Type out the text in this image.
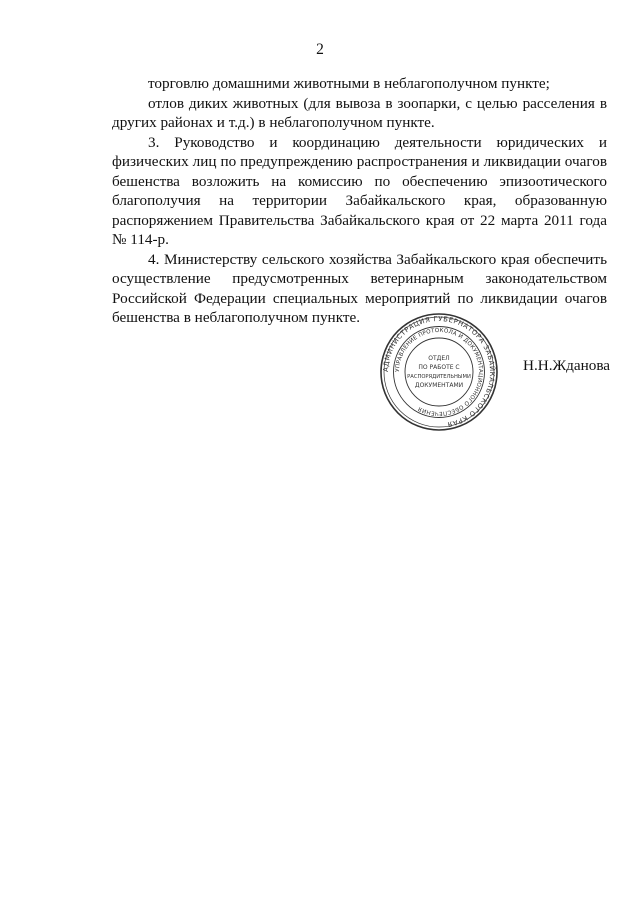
2

торговлю домашними животными в неблагополучном пункте;

отлов диких животных (для вывоза в зоопарки, с целью расселения в других районах и т.д.) в неблагополучном пункте.

3. Руководство и координацию деятельности юридических и физических лиц по предупреждению распространения и ликвидации очагов бешенства возложить на комиссию по обеспечению эпизоотического благополучия на территории Забайкальского края, образованную распоряжением Правительства Забайкальского края от 22 марта 2011 года № 114-р.

4. Министерству сельского хозяйства Забайкальского края обеспечить осуществление предусмотренных ветеринарным законодательством Российской Федерации специальных мероприятий по ликвидации очагов бешенства в неблагополучном пункте.

АДМИНИСТРАЦИЯ ГУБЕРНАТОРА ЗАБАЙКАЛЬСКОГО КРАЯ
УПРАВЛЕНИЕ ПРОТОКОЛА И ДОКУМЕНТАЦИОННОГО ОБЕСПЕЧЕНИЯ
ОТДЕЛ
ПО РАБОТЕ С
РАСПОРЯДИТЕЛЬНЫМИ
ДОКУМЕНТАМИ
Н.Н.Жданова
